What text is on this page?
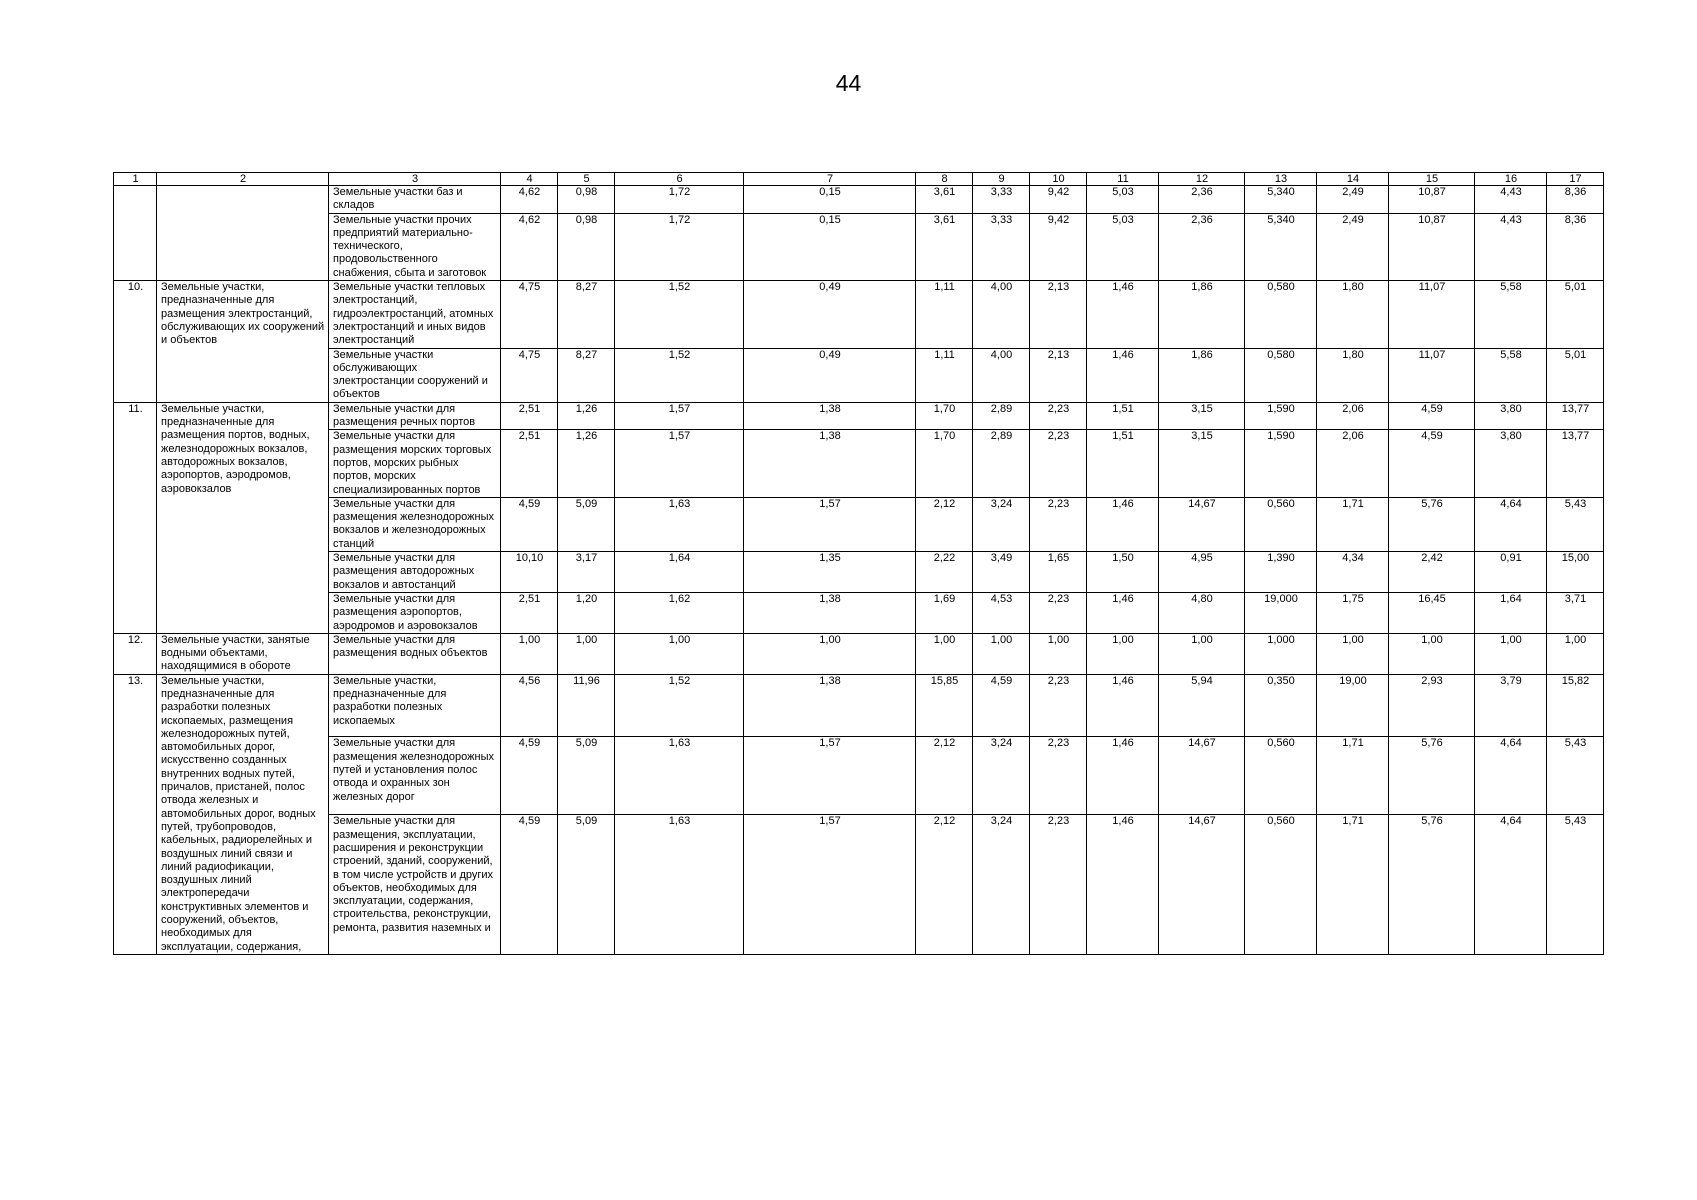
44
1	2	3	4	5	6	7	8	9	10	11	12	13	14	15	16	17
		Земельные участки баз и складов	4,62	0,98	1,72	0,15	3,61	3,33	9,42	5,03	2,36	5,340	2,49	10,87	4,43	8,36
		Земельные участки прочих предприятий материально-технического, продовольственного снабжения, сбыта и заготовок	4,62	0,98	1,72	0,15	3,61	3,33	9,42	5,03	2,36	5,340	2,49	10,87	4,43	8,36
10.	Земельные участки, предназначенные для размещения электростанций, обслуживающих их сооружений и объектов	Земельные участки тепловых электростанций, гидроэлектростанций, атомных электростанций и иных видов электростанций	4,75	8,27	1,52	0,49	1,11	4,00	2,13	1,46	1,86	0,580	1,80	11,07	5,58	5,01
		Земельные участки обслуживающих электростанции сооружений и объектов	4,75	8,27	1,52	0,49	1,11	4,00	2,13	1,46	1,86	0,580	1,80	11,07	5,58	5,01
11.	Земельные участки, предназначенные для размещения портов, водных, железнодорожных вокзалов, автодорожных вокзалов, аэропортов, аэродромов, аэровокзалов	Земельные участки для размещения речных портов	2,51	1,26	1,57	1,38	1,70	2,89	2,23	1,51	3,15	1,590	2,06	4,59	3,80	13,77
		Земельные участки для размещения морских торговых портов, морских рыбных портов, морских специализированных портов	2,51	1,26	1,57	1,38	1,70	2,89	2,23	1,51	3,15	1,590	2,06	4,59	3,80	13,77
		Земельные участки для размещения железнодорожных вокзалов и железнодорожных станций	4,59	5,09	1,63	1,57	2,12	3,24	2,23	1,46	14,67	0,560	1,71	5,76	4,64	5,43
		Земельные участки для размещения автодорожных вокзалов и автостанций	10,10	3,17	1,64	1,35	2,22	3,49	1,65	1,50	4,95	1,390	4,34	2,42	0,91	15,00
		Земельные участки для размещения аэропортов, аэродромов и аэровокзалов	2,51	1,20	1,62	1,38	1,69	4,53	2,23	1,46	4,80	19,000	1,75	16,45	1,64	3,71
12.	Земельные участки, занятые водными объектами, находящимися в обороте	Земельные участки для размещения водных объектов	1,00	1,00	1,00	1,00	1,00	1,00	1,00	1,00	1,00	1,000	1,00	1,00	1,00	1,00
13.	Земельные участки, предназначенные для разработки полезных ископаемых, размещения железнодорожных путей, автомобильных дорог, искусственно созданных внутренних водных путей, причалов, пристаней, полос отвода железных и автомобильных дорог, водных путей, трубопроводов, кабельных, радиорелейных и воздушных линий связи и линий радиофикации, воздушных линий электропередачи конструктивных элементов и сооружений, объектов, необходимых для эксплуатации, содержания,	Земельные участки, предназначенные для разработки полезных ископаемых	4,56	11,96	1,52	1,38	15,85	4,59	2,23	1,46	5,94	0,350	19,00	2,93	3,79	15,82
		Земельные участки для размещения железнодорожных путей и установления полос отвода и охранных зон железных дорог	4,59	5,09	1,63	1,57	2,12	3,24	2,23	1,46	14,67	0,560	1,71	5,76	4,64	5,43
		Земельные участки для размещения, эксплуатации, расширения и реконструкции строений, зданий, сооружений, в том числе устройств и других объектов, необходимых для эксплуатации, содержания, строительства, реконструкции, ремонта, развития наземных и	4,59	5,09	1,63	1,57	2,12	3,24	2,23	1,46	14,67	0,560	1,71	5,76	4,64	5,43
